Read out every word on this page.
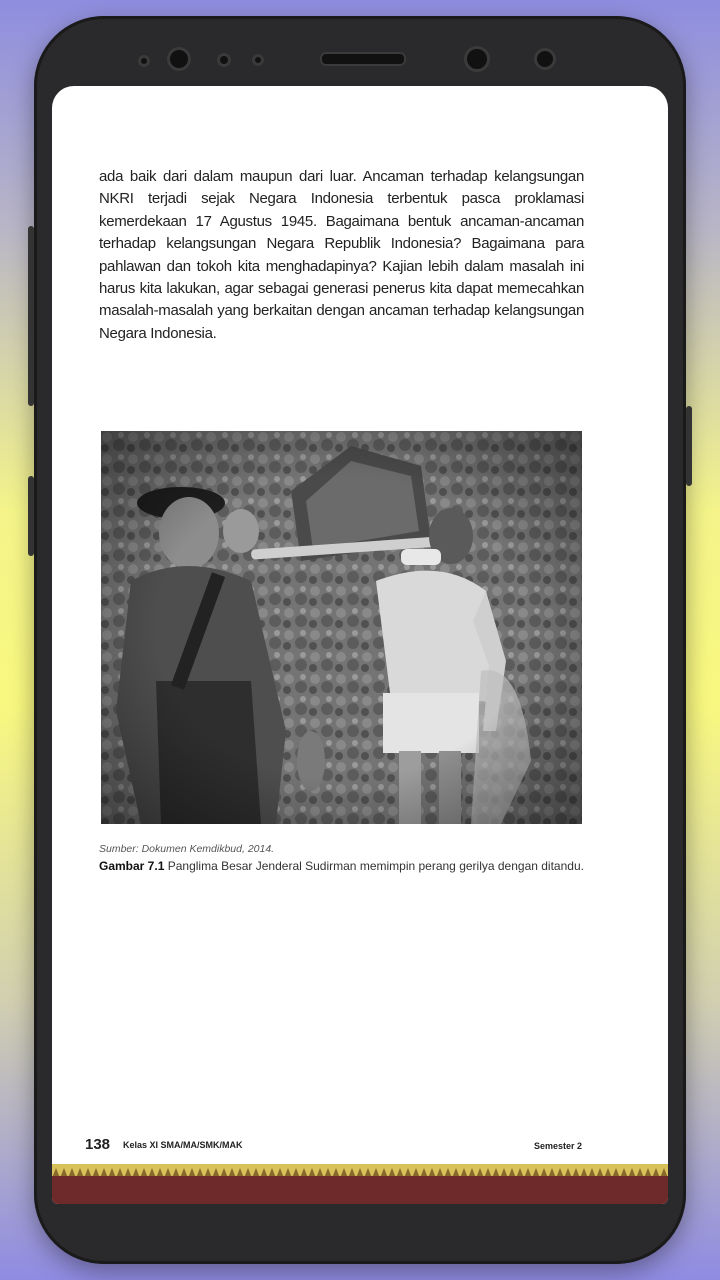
ada baik dari dalam maupun dari luar. Ancaman terhadap kelangsungan NKRI terjadi sejak Negara Indonesia terbentuk pasca proklamasi kemerdekaan 17 Agustus 1945. Bagaimana bentuk ancaman-ancaman terhadap kelangsungan Negara Republik Indonesia? Bagaimana para pahlawan dan tokoh kita menghadapinya? Kajian lebih dalam masalah ini harus kita lakukan, agar sebagai generasi penerus kita dapat memecahkan masalah-masalah yang berkaitan dengan ancaman terhadap kelangsungan Negara Indonesia.

Sumber: Dokumen Kemdikbud, 2014.
Gambar 7.1 Panglima Besar Jenderal Sudirman memimpin perang gerilya dengan ditandu.
138 Kelas XI SMA/MA/SMK/MAK	Semester 2
